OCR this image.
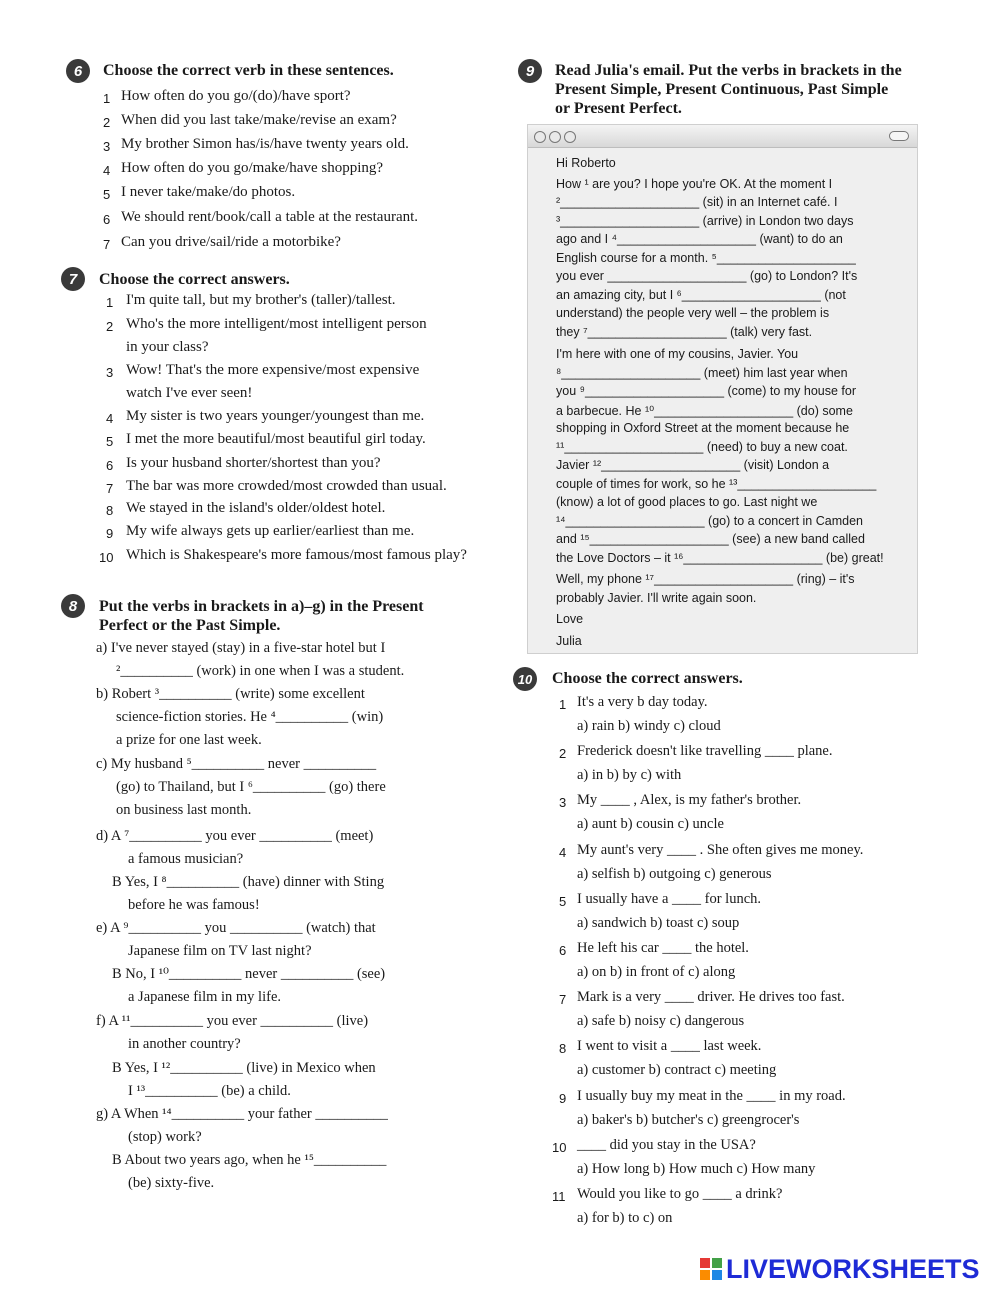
6	Choose the correct verb in these sentences.
7	Choose the correct answers.
8	Put the verbs in brackets in a)–g) in the Present
Perfect or the Past Simple.
9	Read Julia's email. Put the verbs in brackets in the
Present Simple, Present Continuous, Past Simple
or Present Perfect.
10 Choose the correct answers.
LIVEWORKSHEETS
1 How often do you go/(do)/have sport?
2 When did you last take/make/revise an exam?
3 My brother Simon has/is/have twenty years old.
4 How often do you go/make/have shopping?
5 I never take/make/do photos.
6 We should rent/book/call a table at the restaurant.
7 Can you drive/sail/ride a motorbike?
1 I'm quite tall, but my brother's (taller)/tallest.
2 Who's the more intelligent/most intelligent person
in your class?
3 Wow! That's the more expensive/most expensive
watch I've ever seen!
4 My sister is two years younger/youngest than me.
5 I met the more beautiful/most beautiful girl today.
6 Is your husband shorter/shortest than you?
7 The bar was more crowded/most crowded than usual.
8 We stayed in the island's older/oldest hotel.
9 My wife always gets up earlier/earliest than me.
10 Which is Shakespeare's more famous/most famous play?
a) I've never stayed (stay) in a five-star hotel but I
²__________ (work) in one when I was a student.
b) Robert ³__________ (write) some excellent
science-fiction stories. He ⁴__________ (win)
a prize for one last week.
c) My husband ⁵__________ never __________
(go) to Thailand, but I ⁶__________ (go) there
on business last month.
d) A ⁷__________ you ever __________ (meet)
a famous musician?
B Yes, I ⁸__________ (have) dinner with Sting
before he was famous!
e) A ⁹__________ you __________ (watch) that
Japanese film on TV last night?
B No, I ¹⁰__________ never __________ (see)
a Japanese film in my life.
f) A ¹¹__________ you ever __________ (live)
in another country?
B Yes, I ¹²__________ (live) in Mexico when
I ¹³__________ (be) a child.
g) A When ¹⁴__________ your father __________
(stop) work?
B About two years ago, when he ¹⁵__________
(be) sixty-five.
Hi Roberto
How ¹ are you? I hope you're OK. At the moment I
²____________________ (sit) in an Internet café. I
³____________________ (arrive) in London two days
ago and I ⁴____________________ (want) to do an
English course for a month. ⁵____________________
you ever ____________________ (go) to London? It's
an amazing city, but I ⁶____________________ (not
understand) the people very well – the problem is
they ⁷____________________ (talk) very fast.
I'm here with one of my cousins, Javier. You
⁸____________________ (meet) him last year when
you ⁹____________________ (come) to my house for
a barbecue. He ¹⁰____________________ (do) some
shopping in Oxford Street at the moment because he
¹¹____________________ (need) to buy a new coat.
Javier ¹²____________________ (visit) London a
couple of times for work, so he ¹³____________________
(know) a lot of good places to go. Last night we
¹⁴____________________ (go) to a concert in Camden
and ¹⁵____________________ (see) a new band called
the Love Doctors – it ¹⁶____________________ (be) great!
Well, my phone ¹⁷____________________ (ring) – it's
probably Javier. I'll write again soon.
Love
Julia
1 It's a very b day today.
a) rain b) windy c) cloud
2 Frederick doesn't like travelling ____ plane.
a) in b) by c) with
3 My ____ , Alex, is my father's brother.
a) aunt b) cousin c) uncle
4 My aunt's very ____ . She often gives me money.
a) selfish b) outgoing c) generous
5 I usually have a ____ for lunch.
a) sandwich b) toast c) soup
6 He left his car ____ the hotel.
a) on b) in front of c) along
7 Mark is a very ____ driver. He drives too fast.
a) safe b) noisy c) dangerous
8 I went to visit a ____ last week.
a) customer b) contract c) meeting
9 I usually buy my meat in the ____ in my road.
a) baker's b) butcher's c) greengrocer's
10 ____ did you stay in the USA?
a) How long b) How much c) How many
11 Would you like to go ____ a drink?
a) for b) to c) on
